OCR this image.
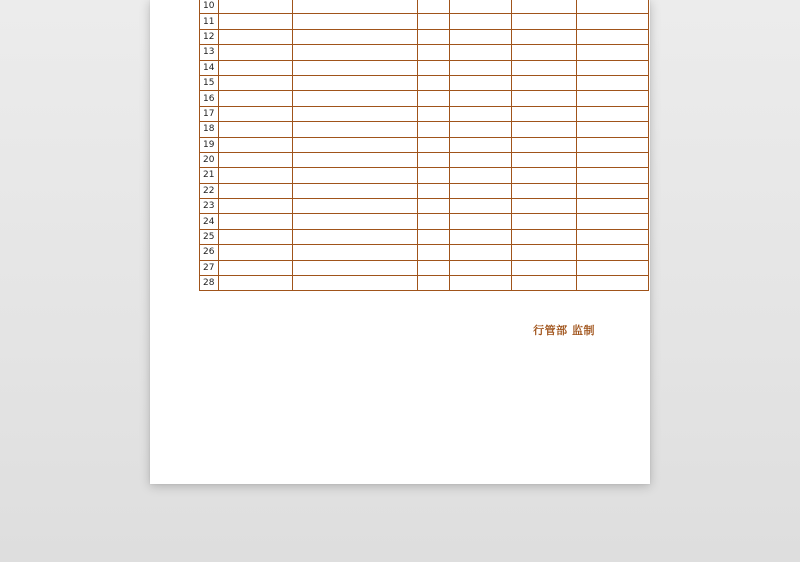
10						
11						
12						
13						
14						
15						
16						
17						
18						
19						
20						
21						
22						
23						
24						
25						
26						
27						
28						
行管部 监制
